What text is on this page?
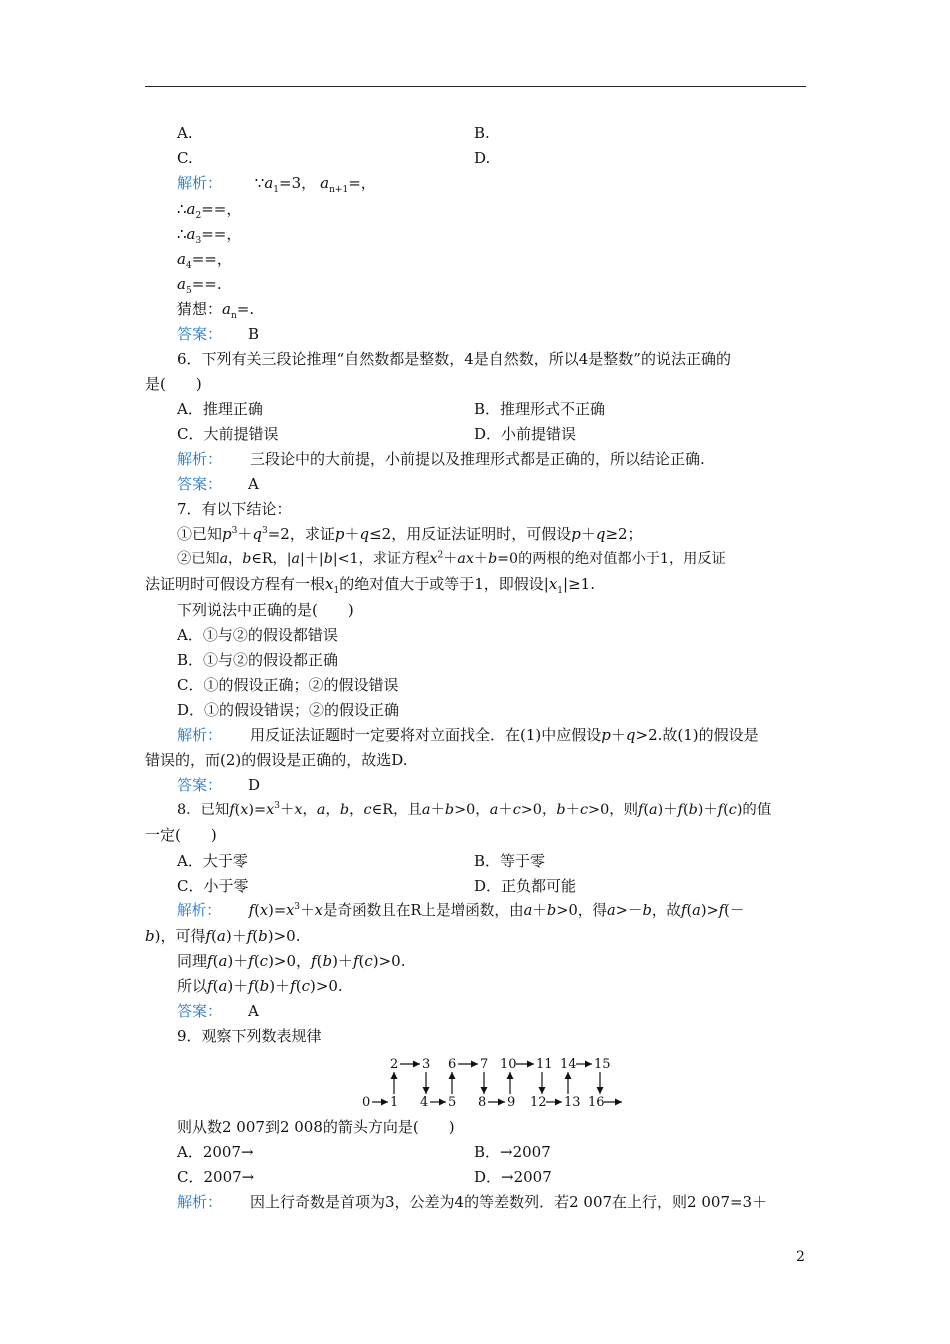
A.	B.
C.	D.
解析： $\because a_1=3$， $a_{n+1}=$，
$\therefore a_2==$，
$\therefore a_3==$，
$a_4==$，
$a_5==$.
猜想：$a_n=$.
答案： B
6．下列有关三段论推理“自然数都是整数，4是自然数，所以4是整数”的说法正确的
是(　　)
A．推理正确	B．推理形式不正确
C．大前提错误	D．小前提错误
解析： 三段论中的大前提，小前提以及推理形式都是正确的，所以结论正确.
答案： A
7．有以下结论：
①已知$p^3+q^3=2$，求证p＋q≤2，用反证法证明时，可假设p＋q≥2；
②已知a，b∈R，|a|＋|b|<1，求证方程$x^2+ax+b=0$的两根的绝对值都小于1，用反证
法证明时可假设方程有一根$x_1$的绝对值大于或等于1，即假设$|x_1|\ge 1$.
下列说法中正确的是(　　)
A．①与②的假设都错误
B．①与②的假设都正确
C．①的假设正确；②的假设错误
D．①的假设错误；②的假设正确
解析： 用反证法证题时一定要将对立面找全．在(1)中应假设p＋q>2.故(1)的假设是
错误的，而(2)的假设是正确的，故选D.
答案： D
8．已知$f(x)=x^3+x$，a，b，c∈R，且a＋b>0，a＋c>0，b＋c>0，则f(a)＋f(b)＋f(c)的值
一定(　　)
A．大于零	B．等于零
C．小于零	D．正负都可能
解析： $f(x)=x^3+x$是奇函数且在R上是增函数，由a＋b>0，得a>－b，故f(a)>f(－
b)，可得f(a)＋f(b)>0.
同理f(a)＋f(c)>0，f(b)＋f(c)>0.
所以f(a)＋f(b)＋f(c)>0.
答案： A
9．观察下列数表规律
2 3 6 7 10 11 14 15
0 1 4 5 8 9 12 13 16
则从数2 007到2 008的箭头方向是(　　)
A．2007→	B．→2007
C．2007→	D．→2007
解析： 因上行奇数是首项为3，公差为4的等差数列．若2 007在上行，则2 007=3＋
2
